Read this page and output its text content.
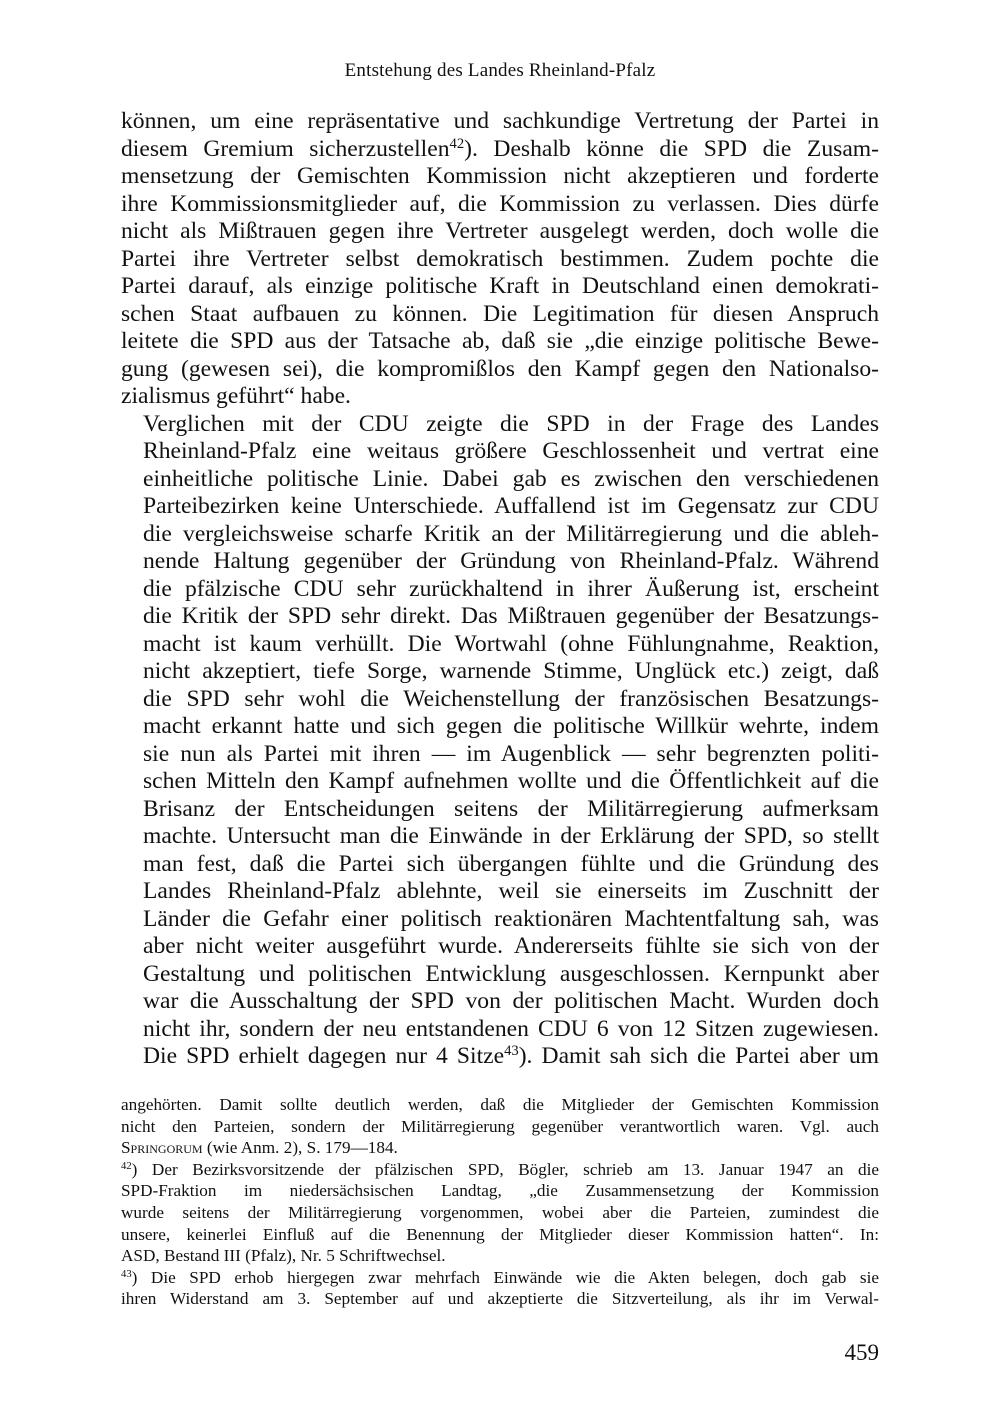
Entstehung des Landes Rheinland-Pfalz

können, um eine repräsentative und sachkundige Vertretung der Partei in
diesem Gremium sicherzustellen$^{42}$). Deshalb könne die SPD die Zusam-
mensetzung der Gemischten Kommission nicht akzeptieren und forderte
ihre Kommissionsmitglieder auf, die Kommission zu verlassen. Dies dürfe
nicht als Mißtrauen gegen ihre Vertreter ausgelegt werden, doch wolle die
Partei ihre Vertreter selbst demokratisch bestimmen. Zudem pochte die
Partei darauf, als einzige politische Kraft in Deutschland einen demokrati-
schen Staat aufbauen zu können. Die Legitimation für diesen Anspruch
leitete die SPD aus der Tatsache ab, daß sie „die einzige politische Bewe-
gung (gewesen sei), die kompromißlos den Kampf gegen den Nationalso-
zialismus geführt“ habe.

Verglichen mit der CDU zeigte die SPD in der Frage des Landes
Rheinland-Pfalz eine weitaus größere Geschlossenheit und vertrat eine
einheitliche politische Linie. Dabei gab es zwischen den verschiedenen
Parteibezirken keine Unterschiede. Auffallend ist im Gegensatz zur CDU
die vergleichsweise scharfe Kritik an der Militärregierung und die ableh-
nende Haltung gegenüber der Gründung von Rheinland-Pfalz. Während
die pfälzische CDU sehr zurückhaltend in ihrer Äußerung ist, erscheint
die Kritik der SPD sehr direkt. Das Mißtrauen gegenüber der Besatzungs-
macht ist kaum verhüllt. Die Wortwahl (ohne Fühlungnahme, Reaktion,
nicht akzeptiert, tiefe Sorge, warnende Stimme, Unglück etc.) zeigt, daß
die SPD sehr wohl die Weichenstellung der französischen Besatzungs-
macht erkannt hatte und sich gegen die politische Willkür wehrte, indem
sie nun als Partei mit ihren — im Augenblick — sehr begrenzten politi-
schen Mitteln den Kampf aufnehmen wollte und die Öffentlichkeit auf die
Brisanz der Entscheidungen seitens der Militärregierung aufmerksam
machte. Untersucht man die Einwände in der Erklärung der SPD, so stellt
man fest, daß die Partei sich übergangen fühlte und die Gründung des
Landes Rheinland-Pfalz ablehnte, weil sie einerseits im Zuschnitt der
Länder die Gefahr einer politisch reaktionären Machtentfaltung sah, was
aber nicht weiter ausgeführt wurde. Andererseits fühlte sie sich von der
Gestaltung und politischen Entwicklung ausgeschlossen. Kernpunkt aber
war die Ausschaltung der SPD von der politischen Macht. Wurden doch
nicht ihr, sondern der neu entstandenen CDU 6 von 12 Sitzen zugewiesen.
Die SPD erhielt dagegen nur 4 Sitze$^{43}$). Damit sah sich die Partei aber um

angehörten. Damit sollte deutlich werden, daß die Mitglieder der Gemischten Kommission
nicht den Parteien, sondern der Militärregierung gegenüber verantwortlich waren. Vgl. auch
Springorum (wie Anm. 2), S. 179—184.

$^{42}$) Der Bezirksvorsitzende der pfälzischen SPD, Bögler, schrieb am 13. Januar 1947 an die
SPD-Fraktion im niedersächsischen Landtag, „die Zusammensetzung der Kommission
wurde seitens der Militärregierung vorgenommen, wobei aber die Parteien, zumindest die
unsere, keinerlei Einfluß auf die Benennung der Mitglieder dieser Kommission hatten“. In:
ASD, Bestand III (Pfalz), Nr. 5 Schriftwechsel.

$^{43}$) Die SPD erhob hiergegen zwar mehrfach Einwände wie die Akten belegen, doch gab sie
ihren Widerstand am 3. September auf und akzeptierte die Sitzverteilung, als ihr im Verwal-

459
